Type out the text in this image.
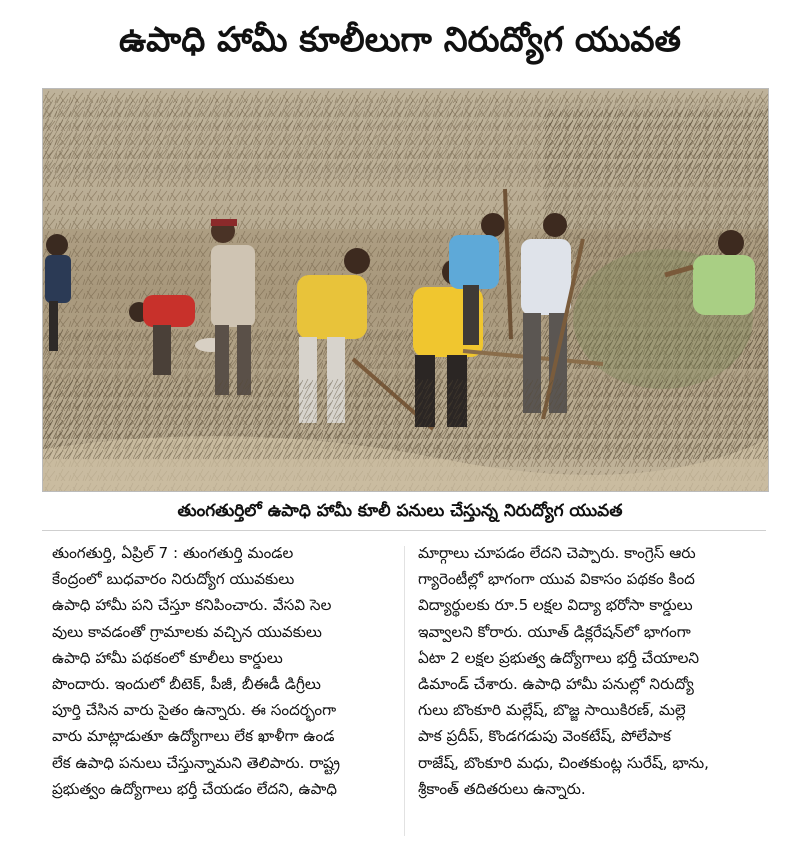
ఉపాధి హామీ కూలీలుగా నిరుద్యోగ యువత
తుంగతుర్తిలో ఉపాధి హామీ కూలీ పనులు చేస్తున్న నిరుద్యోగ యువత
తుంగతుర్తి, ఏప్రిల్ 7 : తుంగతుర్తి మండల
కేంద్రంలో బుధవారం నిరుద్యోగ యువకులు
ఉపాధి హామీ పని చేస్తూ కనిపించారు. వేసవి సెల
వులు కావడంతో గ్రామాలకు వచ్చిన యువకులు
ఉపాధి హామీ పథకంలో కూలీలు కార్డులు
పొందారు. ఇందులో బీటెక్, పీజీ, బీఈడీ డిగ్రీలు
పూర్తి చేసిన వారు సైతం ఉన్నారు. ఈ సందర్భంగా
వారు మాట్లాడుతూ ఉద్యోగాలు లేక ఖాళీగా ఉండ
లేక ఉపాధి పనులు చేస్తున్నామని తెలిపారు. రాష్ట్ర
ప్రభుత్వం ఉద్యోగాలు భర్తీ చేయడం లేదని, ఉపాధి
మార్గాలు చూపడం లేదని చెప్పారు. కాంగ్రెస్ ఆరు
గ్యారెంటీల్లో భాగంగా యువ వికాసం పథకం కింద
విద్యార్థులకు రూ.5 లక్షల విద్యా భరోసా కార్డులు
ఇవ్వాలని కోరారు. యూత్ డిక్లరేషన్‌లో భాగంగా
ఏటా 2 లక్షల ప్రభుత్వ ఉద్యోగాలు భర్తీ చేయాలని
డిమాండ్ చేశారు. ఉపాధి హామీ పనుల్లో నిరుద్యో
గులు బొంకూరి మల్లేష్, బొజ్జ సాయికిరణ్, మల్లె
పాక ప్రదీప్, కొండగడుపు వెంకటేష్, పోలేపాక
రాజేష్, బొంకూరి మధు, చింతకుంట్ల సురేష్, భాను,
శ్రీకాంత్ తదితరులు ఉన్నారు.
